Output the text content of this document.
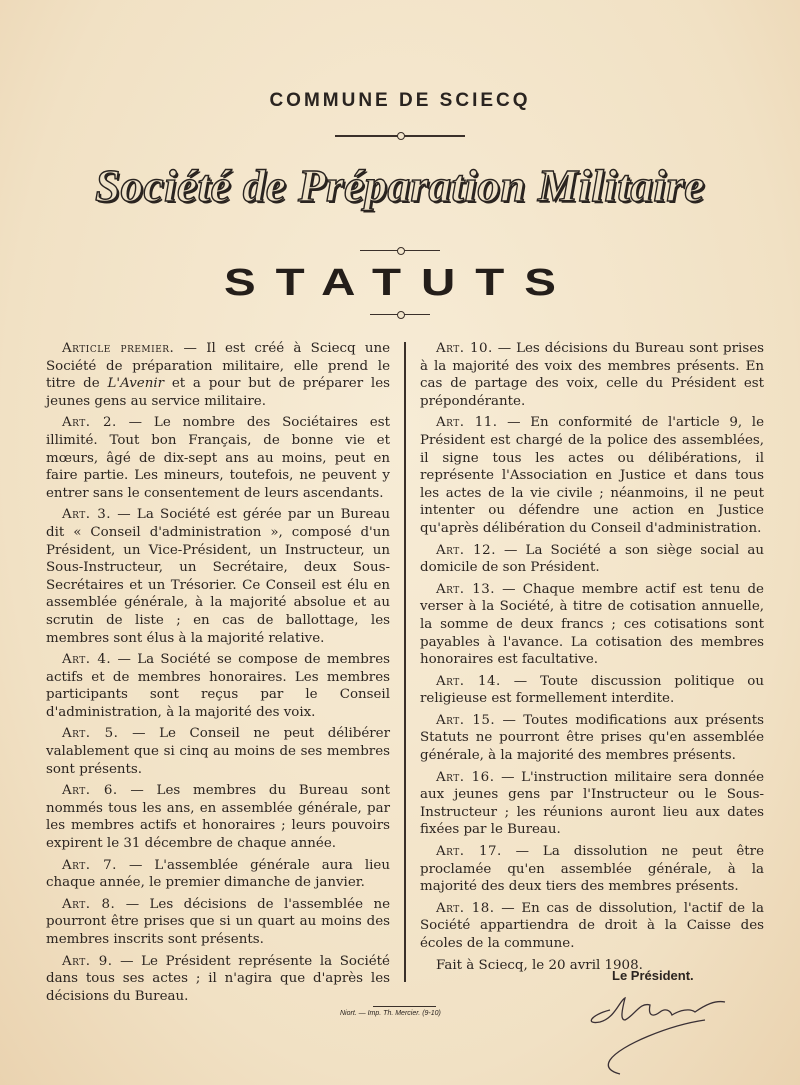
COMMUNE DE SCIECQ
Société de Préparation Militaire
STATUTS

Article premier. — Il est créé à Sciecq une Société de préparation militaire, elle prend le titre de L'Avenir et a pour but de préparer les jeunes gens au service militaire.

Art. 2. — Le nombre des Sociétaires est illimité. Tout bon Français, de bonne vie et mœurs, âgé de dix-sept ans au moins, peut en faire partie. Les mineurs, toutefois, ne peuvent y entrer sans le consentement de leurs ascendants.

Art. 3. — La Société est gérée par un Bureau dit « Conseil d'administration », composé d'un Président, un Vice-Président, un Instructeur, un Sous-Instructeur, un Secrétaire, deux Sous-Secrétaires et un Trésorier. Ce Conseil est élu en assemblée générale, à la majorité absolue et au scrutin de liste ; en cas de ballottage, les membres sont élus à la majorité relative.

Art. 4. — La Société se compose de membres actifs et de membres honoraires. Les membres participants sont reçus par le Conseil d'administration, à la majorité des voix.

Art. 5. — Le Conseil ne peut délibérer valablement que si cinq au moins de ses membres sont présents.

Art. 6. — Les membres du Bureau sont nommés tous les ans, en assemblée générale, par les membres actifs et honoraires ; leurs pouvoirs expirent le 31 décembre de chaque année.

Art. 7. — L'assemblée générale aura lieu chaque année, le premier dimanche de janvier.

Art. 8. — Les décisions de l'assemblée ne pourront être prises que si un quart au moins des membres inscrits sont présents.

Art. 9. — Le Président représente la Société dans tous ses actes ; il n'agira que d'après les décisions du Bureau.

Art. 10. — Les décisions du Bureau sont prises à la majorité des voix des membres présents. En cas de partage des voix, celle du Président est prépondérante.

Art. 11. — En conformité de l'article 9, le Président est chargé de la police des assemblées, il signe tous les actes ou délibérations, il représente l'Association en Justice et dans tous les actes de la vie civile ; néanmoins, il ne peut intenter ou défendre une action en Justice qu'après délibération du Conseil d'administration.

Art. 12. — La Société a son siège social au domicile de son Président.

Art. 13. — Chaque membre actif est tenu de verser à la Société, à titre de cotisation annuelle, la somme de deux francs ; ces cotisations sont payables à l'avance. La cotisation des membres honoraires est facultative.

Art. 14. — Toute discussion politique ou religieuse est formellement interdite.

Art. 15. — Toutes modifications aux présents Statuts ne pourront être prises qu'en assemblée générale, à la majorité des membres présents.

Art. 16. — L'instruction militaire sera donnée aux jeunes gens par l'Instructeur ou le Sous-Instructeur ; les réunions auront lieu aux dates fixées par le Bureau.

Art. 17. — La dissolution ne peut être proclamée qu'en assemblée générale, à la majorité des deux tiers des membres présents.

Art. 18. — En cas de dissolution, l'actif de la Société appartiendra de droit à la Caisse des écoles de la commune.

Fait à Sciecq, le 20 avril 1908.

Le Président.
Niort. — Imp. Th. Mercier. (9-10)
